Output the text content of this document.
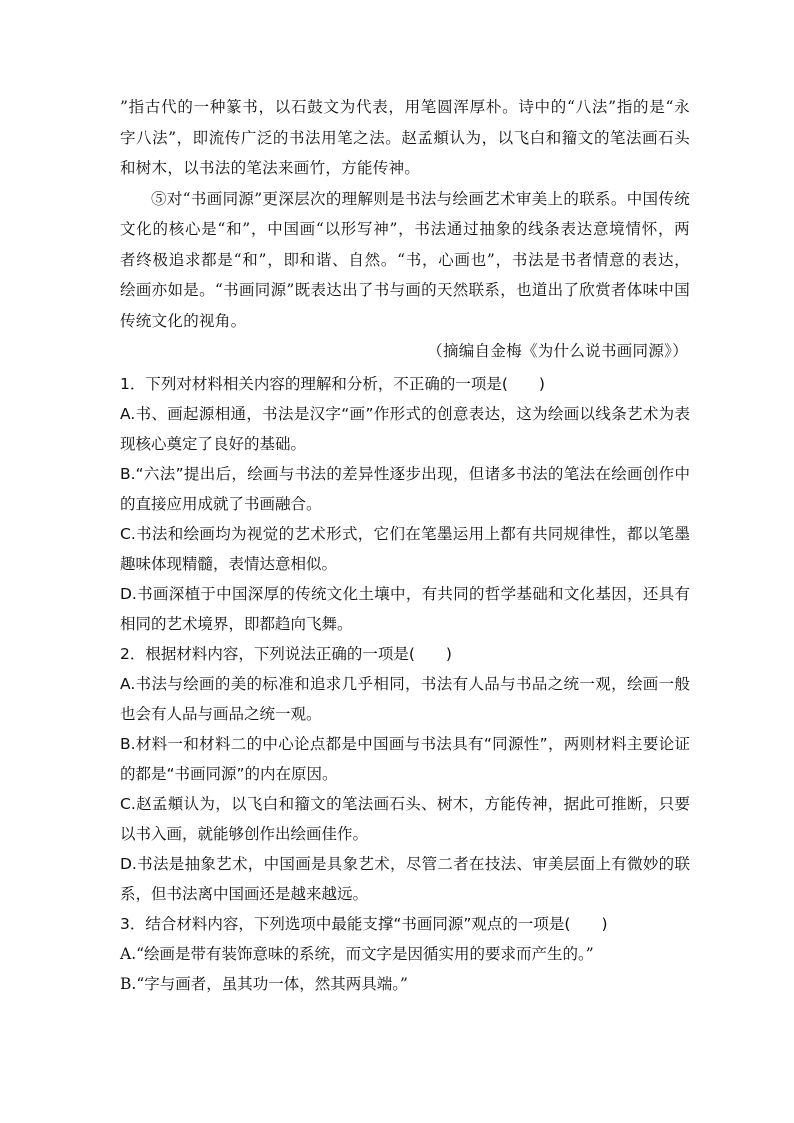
”指古代的一种篆书，以石鼓文为代表，用笔圆浑厚朴。诗中的“八法”指的是“永字八法”，即流传广泛的书法用笔之法。赵孟頫认为，以飞白和籀文的笔法画石头和树木，以书法的笔法来画竹，方能传神。

⑤对“书画同源”更深层次的理解则是书法与绘画艺术审美上的联系。中国传统文化的核心是“和”，中国画“以形写神”，书法通过抽象的线条表达意境情怀，两者终极追求都是“和”，即和谐、自然。“书，心画也”，书法是书者情意的表达，绘画亦如是。“书画同源”既表达出了书与画的天然联系，也道出了欣赏者体味中国传统文化的视角。

（摘编自金梅《为什么说书画同源》）

1．下列对材料相关内容的理解和分析，不正确的一项是(　　)

A.书、画起源相通，书法是汉字“画”作形式的创意表达，这为绘画以线条艺术为表现核心奠定了良好的基础。

B.“六法”提出后，绘画与书法的差异性逐步出现，但诸多书法的笔法在绘画创作中的直接应用成就了书画融合。

C.书法和绘画均为视觉的艺术形式，它们在笔墨运用上都有共同规律性，都以笔墨趣味体现精髓，表情达意相似。

D.书画深植于中国深厚的传统文化土壤中，有共同的哲学基础和文化基因，还具有相同的艺术境界，即都趋向飞舞。

2．根据材料内容，下列说法正确的一项是(　　)

A.书法与绘画的美的标准和追求几乎相同，书法有人品与书品之统一观，绘画一般也会有人品与画品之统一观。

B.材料一和材料二的中心论点都是中国画与书法具有“同源性”，两则材料主要论证的都是“书画同源”的内在原因。

C.赵孟頫认为，以飞白和籀文的笔法画石头、树木，方能传神，据此可推断，只要以书入画，就能够创作出绘画佳作。

D.书法是抽象艺术，中国画是具象艺术，尽管二者在技法、审美层面上有微妙的联系，但书法离中国画还是越来越远。

3．结合材料内容，下列选项中最能支撑“书画同源”观点的一项是(　　)

A.“绘画是带有装饰意味的系统，而文字是因循实用的要求而产生的。”

B.“字与画者，虽其功一体，然其两具端。”
